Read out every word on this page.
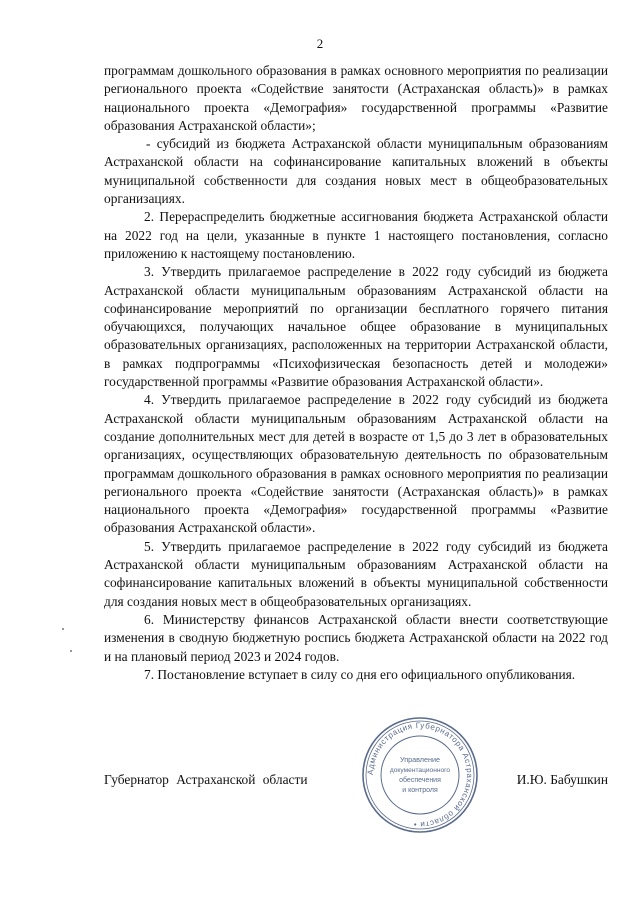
2

программам дошкольного образования в рамках основного мероприятия по реализации регионального проекта «Содействие занятости (Астраханская область)» в рамках национального проекта «Демография» государственной программы «Развитие образования Астраханской области»;

- субсидий из бюджета Астраханской области муниципальным образованиям Астраханской области на софинансирование капитальных вложений в объекты муниципальной собственности для создания новых мест в общеобразовательных организациях.

2. Перераспределить бюджетные ассигнования бюджета Астраханской области на 2022 год на цели, указанные в пункте 1 настоящего постановления, согласно приложению к настоящему постановлению.

3. Утвердить прилагаемое распределение в 2022 году субсидий из бюджета Астраханской области муниципальным образованиям Астраханской области на софинансирование мероприятий по организации бесплатного горячего питания обучающихся, получающих начальное общее образование в муниципальных образовательных организациях, расположенных на территории Астраханской области, в рамках подпрограммы «Психофизическая безопасность детей и молодежи» государственной программы «Развитие образования Астраханской области».

4. Утвердить прилагаемое распределение в 2022 году субсидий из бюджета Астраханской области муниципальным образованиям Астраханской области на создание дополнительных мест для детей в возрасте от 1,5 до 3 лет в образовательных организациях, осуществляющих образовательную деятельность по образовательным программам дошкольного образования в рамках основного мероприятия по реализации регионального проекта «Содействие занятости (Астраханская область)» в рамках национального проекта «Демография» государственной программы «Развитие образования Астраханской области».

5. Утвердить прилагаемое распределение в 2022 году субсидий из бюджета Астраханской области муниципальным образованиям Астраханской области на софинансирование капитальных вложений в объекты муниципальной собственности для создания новых мест в общеобразовательных организациях.

6. Министерству финансов Астраханской области внести соответствующие изменения в сводную бюджетную роспись бюджета Астраханской области на 2022 год и на плановый период 2023 и 2024 годов.

7. Постановление вступает в силу со дня его официального опубликования.

Администрация Губернатора Астраханской области •
Управление
документационного
обеспечения
и контроля
Губернатор Астраханской области	И.Ю. Бабушкин
